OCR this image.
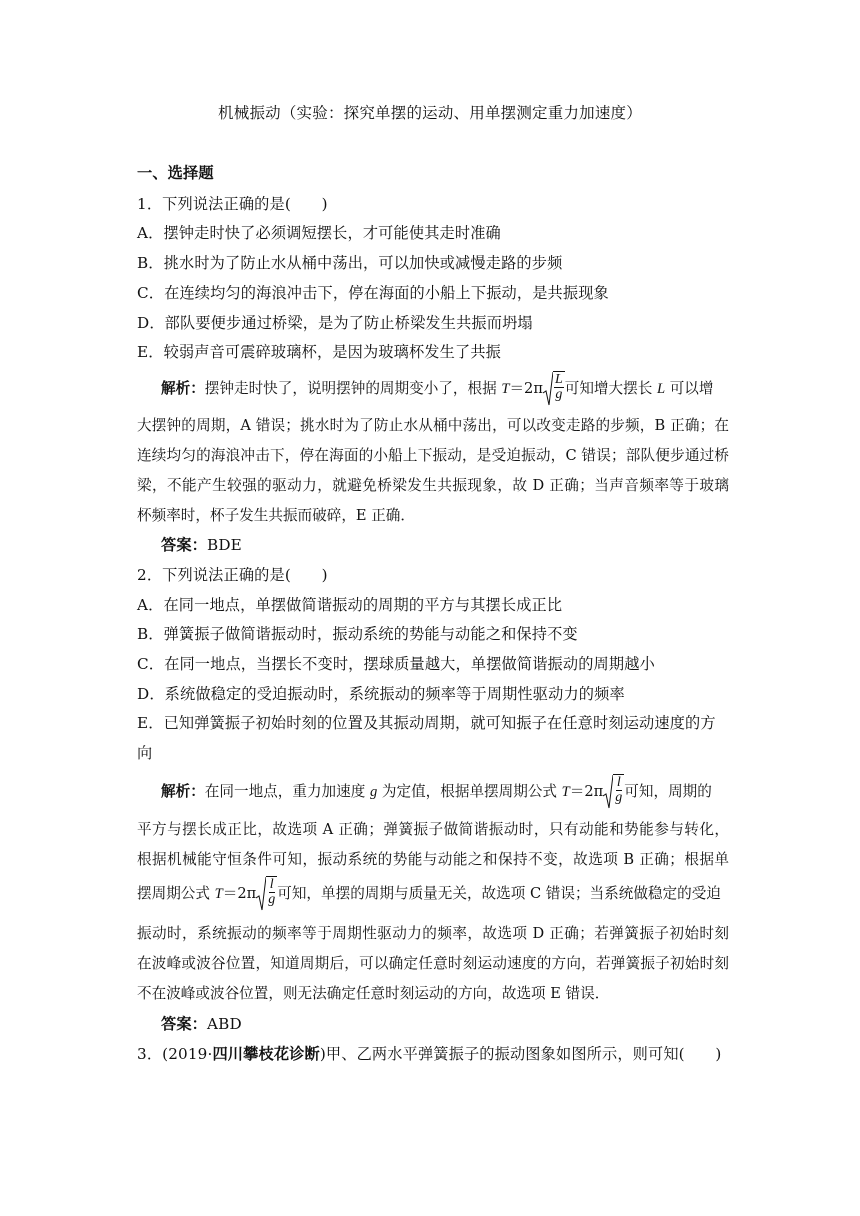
机械振动（实验：探究单摆的运动、用单摆测定重力加速度）
一、选择题
1．下列说法正确的是(　　)
A．摆钟走时快了必须调短摆长，才可能使其走时准确
B．挑水时为了防止水从桶中荡出，可以加快或减慢走路的步频
C．在连续均匀的海浪冲击下，停在海面的小船上下振动，是共振现象
D．部队要便步通过桥梁，是为了防止桥梁发生共振而坍塌
E．较弱声音可震碎玻璃杯，是因为玻璃杯发生了共振
解析：摆钟走时快了，说明摆钟的周期变小了，根据 $T=2\pi \frac{L}{g}$ 可知增大摆长 L 可以增
大摆钟的周期，A 错误；挑水时为了防止水从桶中荡出，可以改变走路的步频，B 正确；在
连续均匀的海浪冲击下，停在海面的小船上下振动，是受迫振动，C 错误；部队便步通过桥
梁，不能产生较强的驱动力，就避免桥梁发生共振现象，故 D 正确；当声音频率等于玻璃
杯频率时，杯子发生共振而破碎，E 正确．
答案：BDE
2．下列说法正确的是(　　)
A．在同一地点，单摆做简谐振动的周期的平方与其摆长成正比
B．弹簧振子做简谐振动时，振动系统的势能与动能之和保持不变
C．在同一地点，当摆长不变时，摆球质量越大，单摆做简谐振动的周期越小
D．系统做稳定的受迫振动时，系统振动的频率等于周期性驱动力的频率
E．已知弹簧振子初始时刻的位置及其振动周期，就可知振子在任意时刻运动速度的方
向
解析：在同一地点，重力加速度 g 为定值，根据单摆周期公式 $T=2\pi \frac{l}{g}$ 可知，周期的
平方与摆长成正比，故选项 A 正确；弹簧振子做简谐振动时，只有动能和势能参与转化，
根据机械能守恒条件可知，振动系统的势能与动能之和保持不变，故选项 B 正确；根据单
摆周期公式 $T=2\pi \frac{l}{g}$ 可知，单摆的周期与质量无关，故选项 C 错误；当系统做稳定的受迫
振动时，系统振动的频率等于周期性驱动力的频率，故选项 D 正确；若弹簧振子初始时刻
在波峰或波谷位置，知道周期后，可以确定任意时刻运动速度的方向，若弹簧振子初始时刻
不在波峰或波谷位置，则无法确定任意时刻运动的方向，故选项 E 错误．
答案：ABD
3．(2019·四川攀枝花诊断)甲、乙两水平弹簧振子的振动图象如图所示，则可知(　　)
